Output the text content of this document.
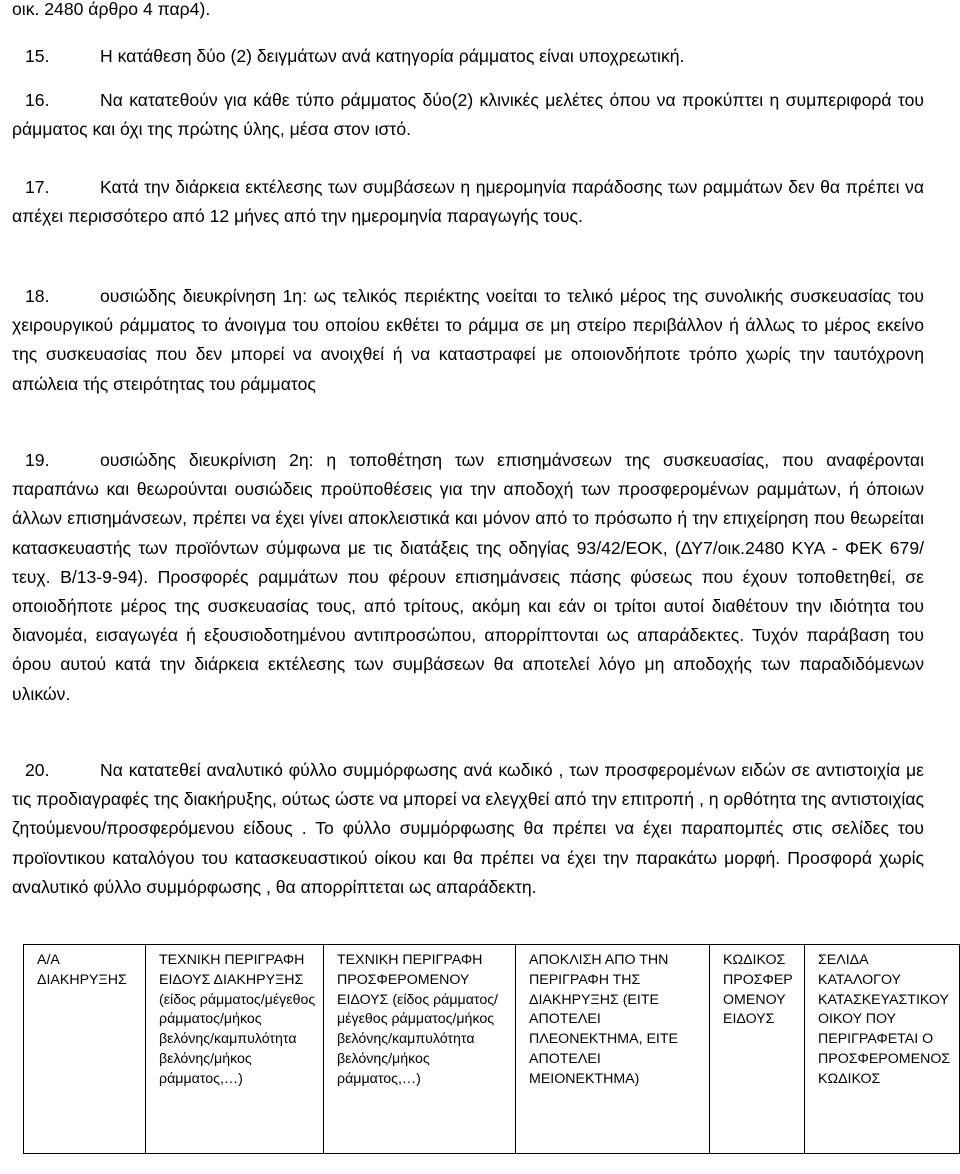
οικ. 2480 άρθρο 4 παρ4).

15.	Η κατάθεση δύο (2) δειγμάτων ανά κατηγορία ράμματος είναι υποχρεωτική.

16.	Να κατατεθούν για κάθε τύπο ράμματος δύο(2) κλινικές μελέτες όπου να προκύπτει η συμπεριφορά του ράμματος και όχι της πρώτης ύλης, μέσα στον ιστό.

17.	Κατά την διάρκεια εκτέλεσης των συμβάσεων η ημερομηνία παράδοσης των ραμμάτων δεν θα πρέπει να απέχει περισσότερο από 12 μήνες από την ημερομηνία παραγωγής τους.

18.	ουσιώδης διευκρίνηση 1η: ως τελικός περιέκτης νοείται το τελικό μέρος της συνολικής συσκευασίας του χειρουργικού ράμματος το άνοιγμα του οποίου εκθέτει το ράμμα σε μη στείρο περιβάλλον ή άλλως το μέρος εκείνο της συσκευασίας που δεν μπορεί να ανοιχθεί ή να καταστραφεί με οποιονδήποτε τρόπο χωρίς την ταυτόχρονη απώλεια τής στειρότητας του ράμματος

19.	ουσιώδης διευκρίνιση 2η: η τοποθέτηση των επισημάνσεων της συσκευασίας, που αναφέρονται παραπάνω και θεωρούνται ουσιώδεις προϋποθέσεις για την αποδοχή των προσφερομένων ραμμάτων, ή όποιων άλλων επισημάνσεων, πρέπει να έχει γίνει αποκλειστικά και μόνον από το πρόσωπο ή την επιχείρηση που θεωρείται κατασκευαστής των προϊόντων σύμφωνα με τις διατάξεις της οδηγίας 93/42/ΕΟΚ, (ΔΥ7/οικ.2480 ΚΥΑ - ΦΕΚ 679/τευχ. Β/13-9-94). Προσφορές ραμμάτων που φέρουν επισημάνσεις πάσης φύσεως που έχουν τοποθετηθεί, σε οποιοδήποτε μέρος της συσκευασίας τους, από τρίτους, ακόμη και εάν οι τρίτοι αυτοί διαθέτουν την ιδιότητα του διανομέα, εισαγωγέα ή εξουσιοδοτημένου αντιπροσώπου, απορρίπτονται ως απαράδεκτες. Τυχόν παράβαση του όρου αυτού κατά την διάρκεια εκτέλεσης των συμβάσεων θα αποτελεί λόγο μη αποδοχής των παραδιδόμενων υλικών.

20.	Να κατατεθεί αναλυτικό φύλλο συμμόρφωσης ανά κωδικό , των προσφερομένων ειδών σε αντιστοιχία με τις προδιαγραφές της διακήρυξης, ούτως ώστε να μπορεί να ελεγχθεί από την επιτροπή , η ορθότητα της αντιστοιχίας ζητούμενου/προσφερόμενου είδους . Το φύλλο συμμόρφωσης θα πρέπει να έχει παραπομπές στις σελίδες του προϊοντικου καταλόγου του κατασκευαστικού οίκου και θα πρέπει να έχει την παρακάτω μορφή. Προσφορά χωρίς αναλυτικό φύλλο συμμόρφωσης , θα απορρίπτεται ως απαράδεκτη.

Α/Α ΔΙΑΚΗΡΥΞΗΣ	ΤΕΧΝΙΚΗ ΠΕΡΙΓΡΑΦΗ ΕΙΔΟΥΣ ΔΙΑΚΗΡΥΞΗΣ (είδος ράμματος/μέγεθος ράμματος/μήκος βελόνης/καμπυλότητα βελόνης/μήκος ράμματος,…)	ΤΕΧΝΙΚΗ ΠΕΡΙΓΡΑΦΗ ΠΡΟΣΦΕΡΟΜΕΝΟΥ ΕΙΔΟΥΣ (είδος ράμματος/μέγεθος ράμματος/μήκος βελόνης/καμπυλότητα βελόνης/μήκος ράμματος,…)	ΑΠΟΚΛΙΣΗ ΑΠΟ ΤΗΝ ΠΕΡΙΓΡΑΦΗ ΤΗΣ ΔΙΑΚΗΡΥΞΗΣ (ΕΙΤΕ ΑΠΟΤΕΛΕΙ ΠΛΕΟΝΕΚΤΗΜΑ, ΕΙΤΕ ΑΠΟΤΕΛΕΙ ΜΕΙΟΝΕΚΤΗΜΑ)	ΚΩΔΙΚΟΣ ΠΡΟΣΦΕΡΟΜΕΝΟΥ ΕΙΔΟΥΣ	ΣΕΛΙΔΑ ΚΑΤΑΛΟΓΟΥ ΚΑΤΑΣΚΕΥΑΣΤΙΚΟΥ ΟΙΚΟΥ ΠΟΥ ΠΕΡΙΓΡΑΦΕΤΑΙ Ο ΠΡΟΣΦΕΡΟΜΕΝΟΣ ΚΩΔΙΚΟΣ
